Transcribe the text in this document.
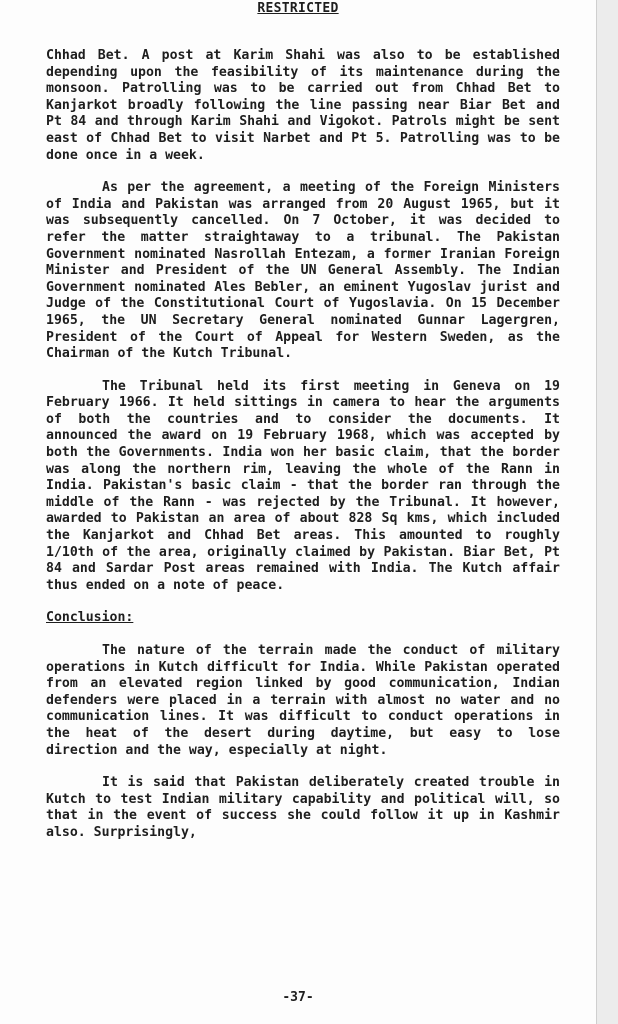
RESTRICTED

Chhad Bet. A post at Karim Shahi was also to be established depending upon the feasibility of its maintenance during the monsoon. Patrolling was to be carried out from Chhad Bet to Kanjarkot broadly following the line passing near Biar Bet and Pt 84 and through Karim Shahi and Vigokot. Patrols might be sent east of Chhad Bet to visit Narbet and Pt 5. Patrolling was to be done once in a week.

As per the agreement, a meeting of the Foreign Ministers of India and Pakistan was arranged from 20 August 1965, but it was subsequently cancelled. On 7 October, it was decided to refer the matter straightaway to a tribunal. The Pakistan Government nominated Nasrollah Entezam, a former Iranian Foreign Minister and President of the UN General Assembly. The Indian Government nominated Ales Bebler, an eminent Yugoslav jurist and Judge of the Constitutional Court of Yugoslavia. On 15 December 1965, the UN Secretary General nominated Gunnar Lagergren, President of the Court of Appeal for Western Sweden, as the Chairman of the Kutch Tribunal.

The Tribunal held its first meeting in Geneva on 19 February 1966. It held sittings in camera to hear the arguments of both the countries and to consider the documents. It announced the award on 19 February 1968, which was accepted by both the Governments. India won her basic claim, that the border was along the northern rim, leaving the whole of the Rann in India. Pakistan's basic claim - that the border ran through the middle of the Rann - was rejected by the Tribunal. It however, awarded to Pakistan an area of about 828 Sq kms, which included the Kanjarkot and Chhad Bet areas. This amounted to roughly 1/10th of the area, originally claimed by Pakistan. Biar Bet, Pt 84 and Sardar Post areas remained with India. The Kutch affair thus ended on a note of peace.

Conclusion:

The nature of the terrain made the conduct of military operations in Kutch difficult for India. While Pakistan operated from an elevated region linked by good communication, Indian defenders were placed in a terrain with almost no water and no communication lines. It was difficult to conduct operations in the heat of the desert during daytime, but easy to lose direction and the way, especially at night.

It is said that Pakistan deliberately created trouble in Kutch to test Indian military capability and political will, so that in the event of success she could follow it up in Kashmir also. Surprisingly,

-37-
